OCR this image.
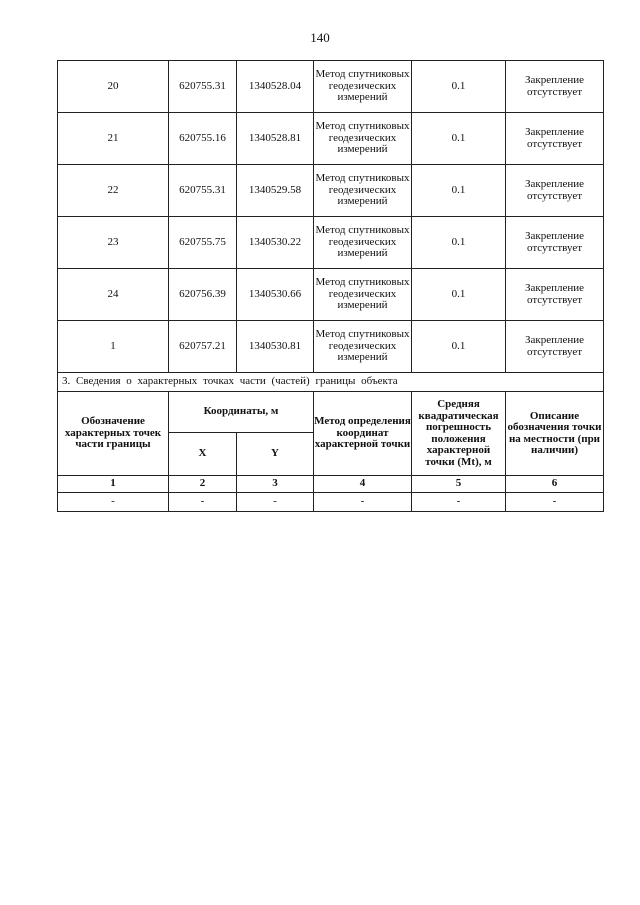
140
20	620755.31	1340528.04	Метод спутниковых геодезических измерений	0.1	Закрепление отсутствует
21	620755.16	1340528.81	Метод спутниковых геодезических измерений	0.1	Закрепление отсутствует
22	620755.31	1340529.58	Метод спутниковых геодезических измерений	0.1	Закрепление отсутствует
23	620755.75	1340530.22	Метод спутниковых геодезических измерений	0.1	Закрепление отсутствует
24	620756.39	1340530.66	Метод спутниковых геодезических измерений	0.1	Закрепление отсутствует
1	620757.21	1340530.81	Метод спутниковых геодезических измерений	0.1	Закрепление отсутствует
3. Сведения о характерных точках части (частей) границы объекта					
Обозначение характерных точек части границы	Координаты, м		Метод определения координат характерной точки	Средняя квадратическая погрешность положения характерной точки (Mt), м	Описание обозначения точки на местности (при наличии)
	X	Y			
1	2	3	4	5	6
-	-	-	-	-	-
